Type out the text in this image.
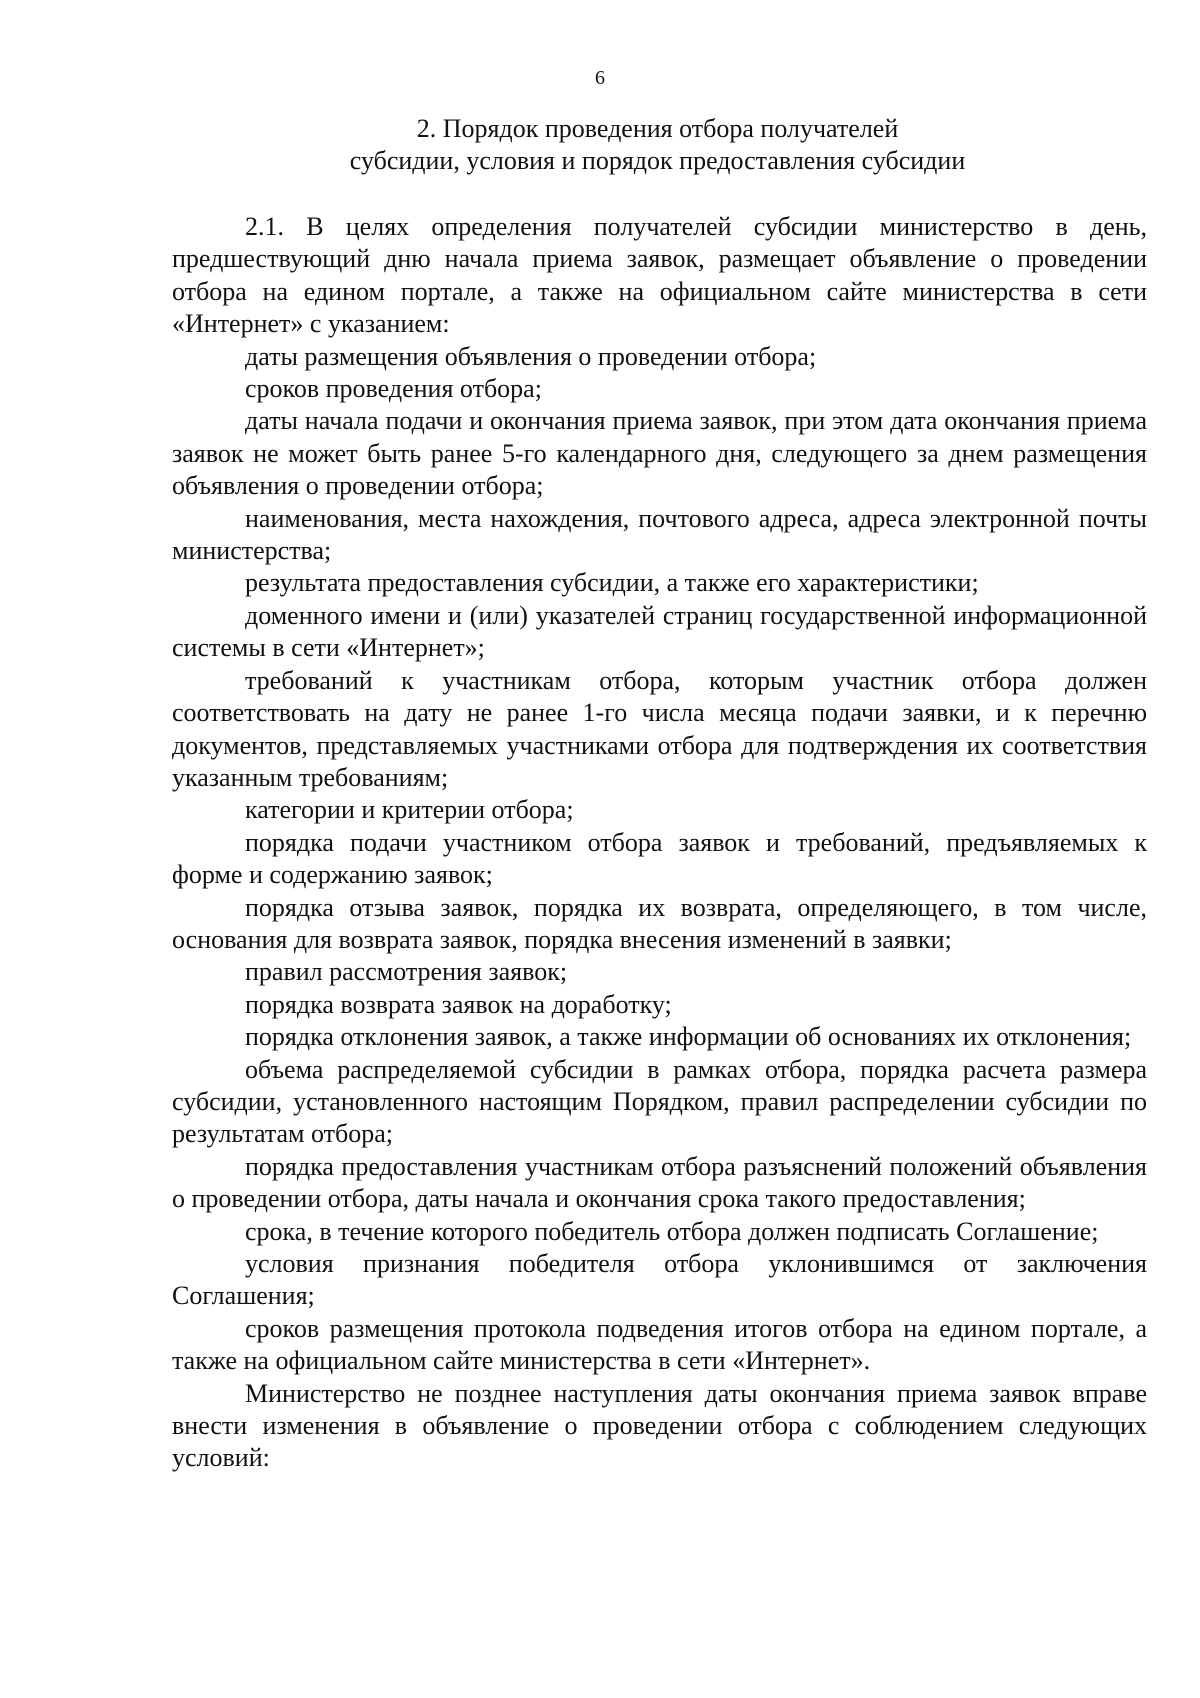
6
2. Порядок проведения отбора получателей
субсидии, условия и порядок предоставления субсидии

2.1. В целях определения получателей субсидии министерство в день, предшествующий дню начала приема заявок, размещает объявление о проведении отбора на едином портале, а также на официальном сайте министерства в сети «Интернет» с указанием:

даты размещения объявления о проведении отбора;

сроков проведения отбора;

даты начала подачи и окончания приема заявок, при этом дата окончания приема заявок не может быть ранее 5-го календарного дня, следующего за днем размещения объявления о проведении отбора;

наименования, места нахождения, почтового адреса, адреса электронной почты министерства;

результата предоставления субсидии, а также его характеристики;

доменного имени и (или) указателей страниц государственной информационной системы в сети «Интернет»;

требований к участникам отбора, которым участник отбора должен соответствовать на дату не ранее 1-го числа месяца подачи заявки, и к перечню документов, представляемых участниками отбора для подтверждения их соответствия указанным требованиям;

категории и критерии отбора;

порядка подачи участником отбора заявок и требований, предъявляемых к форме и содержанию заявок;

порядка отзыва заявок, порядка их возврата, определяющего, в том числе, основания для возврата заявок, порядка внесения изменений в заявки;

правил рассмотрения заявок;

порядка возврата заявок на доработку;

порядка отклонения заявок, а также информации об основаниях их отклонения;

объема распределяемой субсидии в рамках отбора, порядка расчета размера субсидии, установленного настоящим Порядком, правил распределении субсидии по результатам отбора;

порядка предоставления участникам отбора разъяснений положений объявления о проведении отбора, даты начала и окончания срока такого предоставления;

срока, в течение которого победитель отбора должен подписать Соглашение;

условия признания победителя отбора уклонившимся от заключения Соглашения;

сроков размещения протокола подведения итогов отбора на едином портале, а также на официальном сайте министерства в сети «Интернет».

Министерство не позднее наступления даты окончания приема заявок вправе внести изменения в объявление о проведении отбора с соблюдением следующих условий:
